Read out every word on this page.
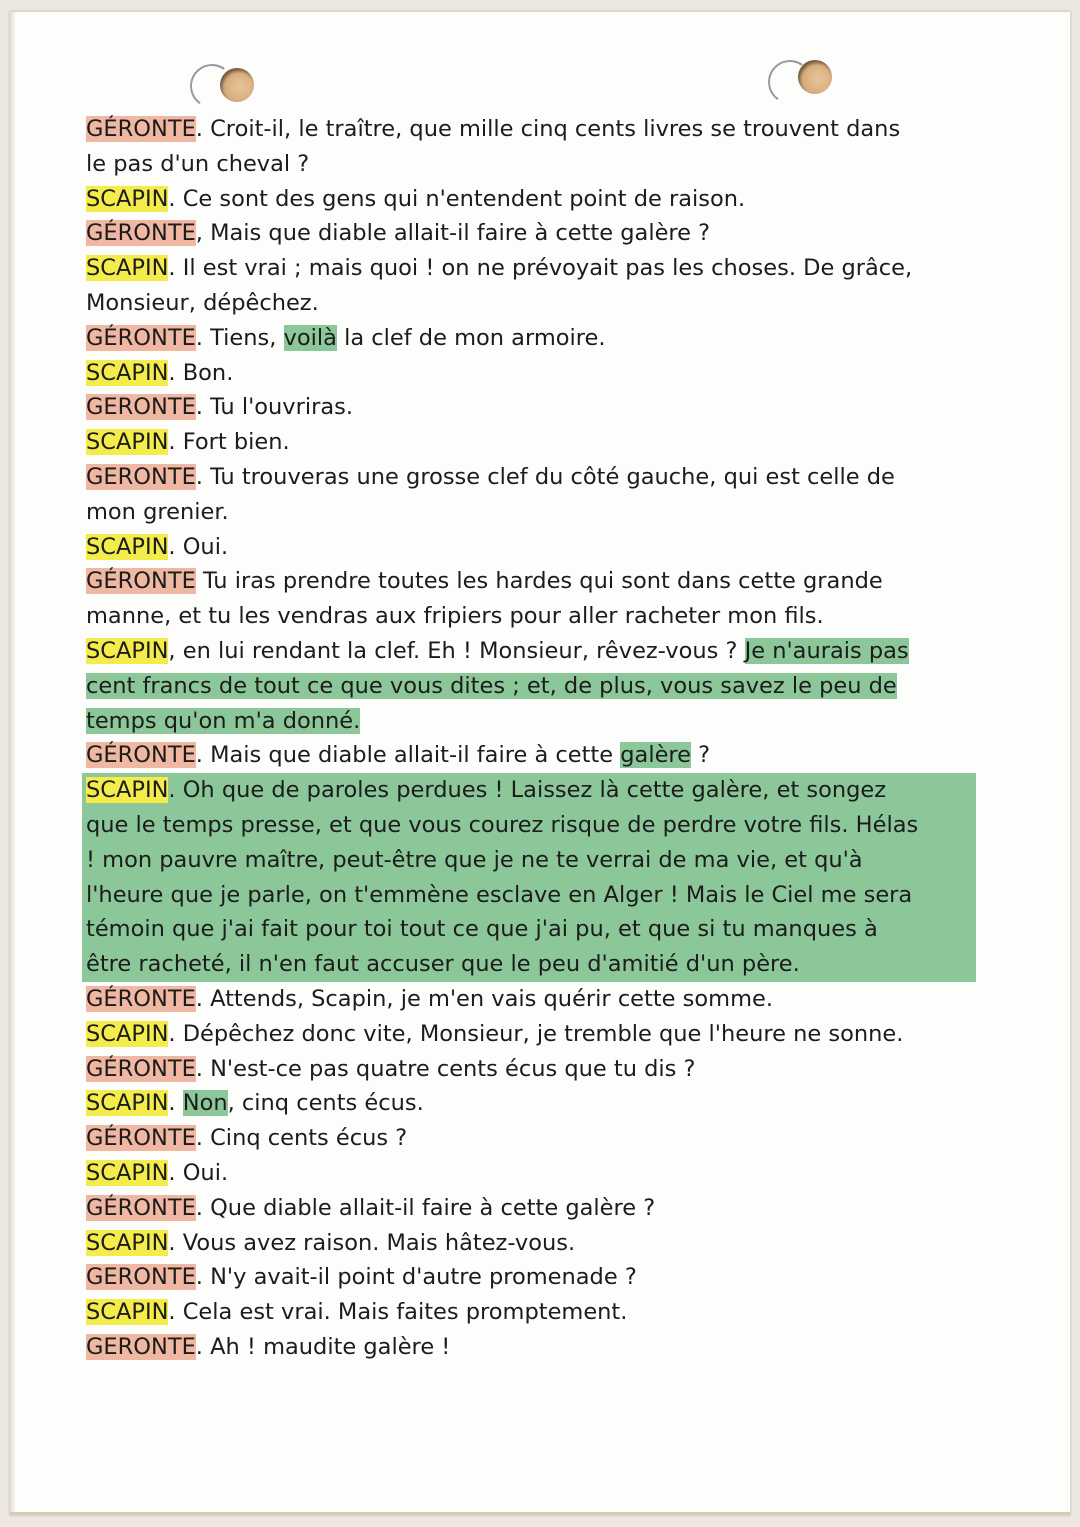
GÉRONTE. Croit-il, le traître, que mille cinq cents livres se trouvent dans
le pas d'un cheval ?
SCAPIN. Ce sont des gens qui n'entendent point de raison.
GÉRONTE, Mais que diable allait-il faire à cette galère ?
SCAPIN. Il est vrai ; mais quoi ! on ne prévoyait pas les choses. De grâce,
Monsieur, dépêchez.
GÉRONTE. Tiens, voilà la clef de mon armoire.
SCAPIN. Bon.
GERONTE. Tu l'ouvriras.
SCAPIN. Fort bien.
GERONTE. Tu trouveras une grosse clef du côté gauche, qui est celle de
mon grenier.
SCAPIN. Oui.
GÉRONTE Tu iras prendre toutes les hardes qui sont dans cette grande
manne, et tu les vendras aux fripiers pour aller racheter mon fils.
SCAPIN, en lui rendant la clef. Eh ! Monsieur, rêvez-vous ? Je n'aurais pas
cent francs de tout ce que vous dites ; et, de plus, vous savez le peu de
temps qu'on m'a donné.
GÉRONTE. Mais que diable allait-il faire à cette galère ?
SCAPIN. Oh que de paroles perdues ! Laissez là cette galère, et songez
que le temps presse, et que vous courez risque de perdre votre fils. Hélas
! mon pauvre maître, peut-être que je ne te verrai de ma vie, et qu'à
l'heure que je parle, on t'emmène esclave en Alger ! Mais le Ciel me sera
témoin que j'ai fait pour toi tout ce que j'ai pu, et que si tu manques à
être racheté, il n'en faut accuser que le peu d'amitié d'un père.
GÉRONTE. Attends, Scapin, je m'en vais quérir cette somme.
SCAPIN. Dépêchez donc vite, Monsieur, je tremble que l'heure ne sonne.
GÉRONTE. N'est-ce pas quatre cents écus que tu dis ?
SCAPIN. Non, cinq cents écus.
GÉRONTE. Cinq cents écus ?
SCAPIN. Oui.
GÉRONTE. Que diable allait-il faire à cette galère ?
SCAPIN. Vous avez raison. Mais hâtez-vous.
GERONTE. N'y avait-il point d'autre promenade ?
SCAPIN. Cela est vrai. Mais faites promptement.
GERONTE. Ah ! maudite galère !
